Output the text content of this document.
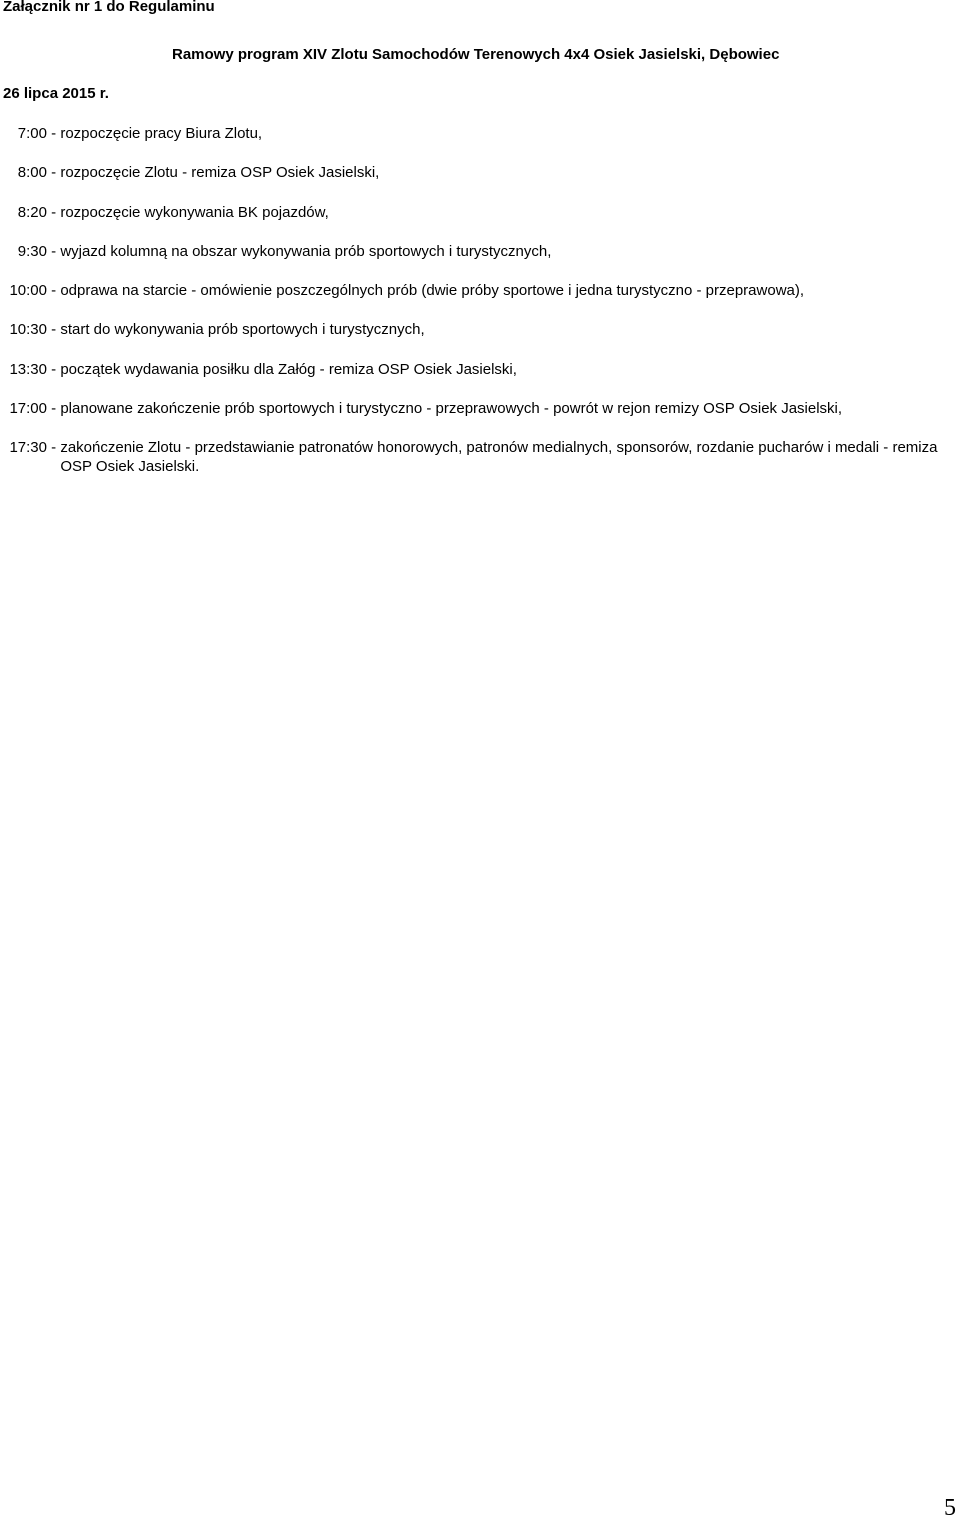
Załącznik nr 1 do Regulaminu
Ramowy program XIV Zlotu Samochodów Terenowych 4x4 Osiek Jasielski, Dębowiec
26 lipca 2015 r.
7:00 - rozpoczęcie pracy Biura Zlotu,
8:00 - rozpoczęcie Zlotu - remiza OSP Osiek Jasielski,
8:20 - rozpoczęcie wykonywania BK pojazdów,
9:30 - wyjazd kolumną na obszar wykonywania prób sportowych i turystycznych,
10:00 - odprawa na starcie - omówienie poszczególnych prób (dwie próby sportowe i jedna turystyczno - przeprawowa),
10:30 - start do wykonywania prób sportowych i turystycznych,
13:30 - początek wydawania posiłku dla Załóg - remiza OSP Osiek Jasielski,
17:00 - planowane zakończenie prób sportowych i turystyczno - przeprawowych - powrót w rejon remizy OSP Osiek Jasielski,
17:30 - zakończenie Zlotu - przedstawianie patronatów honorowych, patronów medialnych, sponsorów, rozdanie pucharów i medali - remiza OSP Osiek Jasielski.
5
